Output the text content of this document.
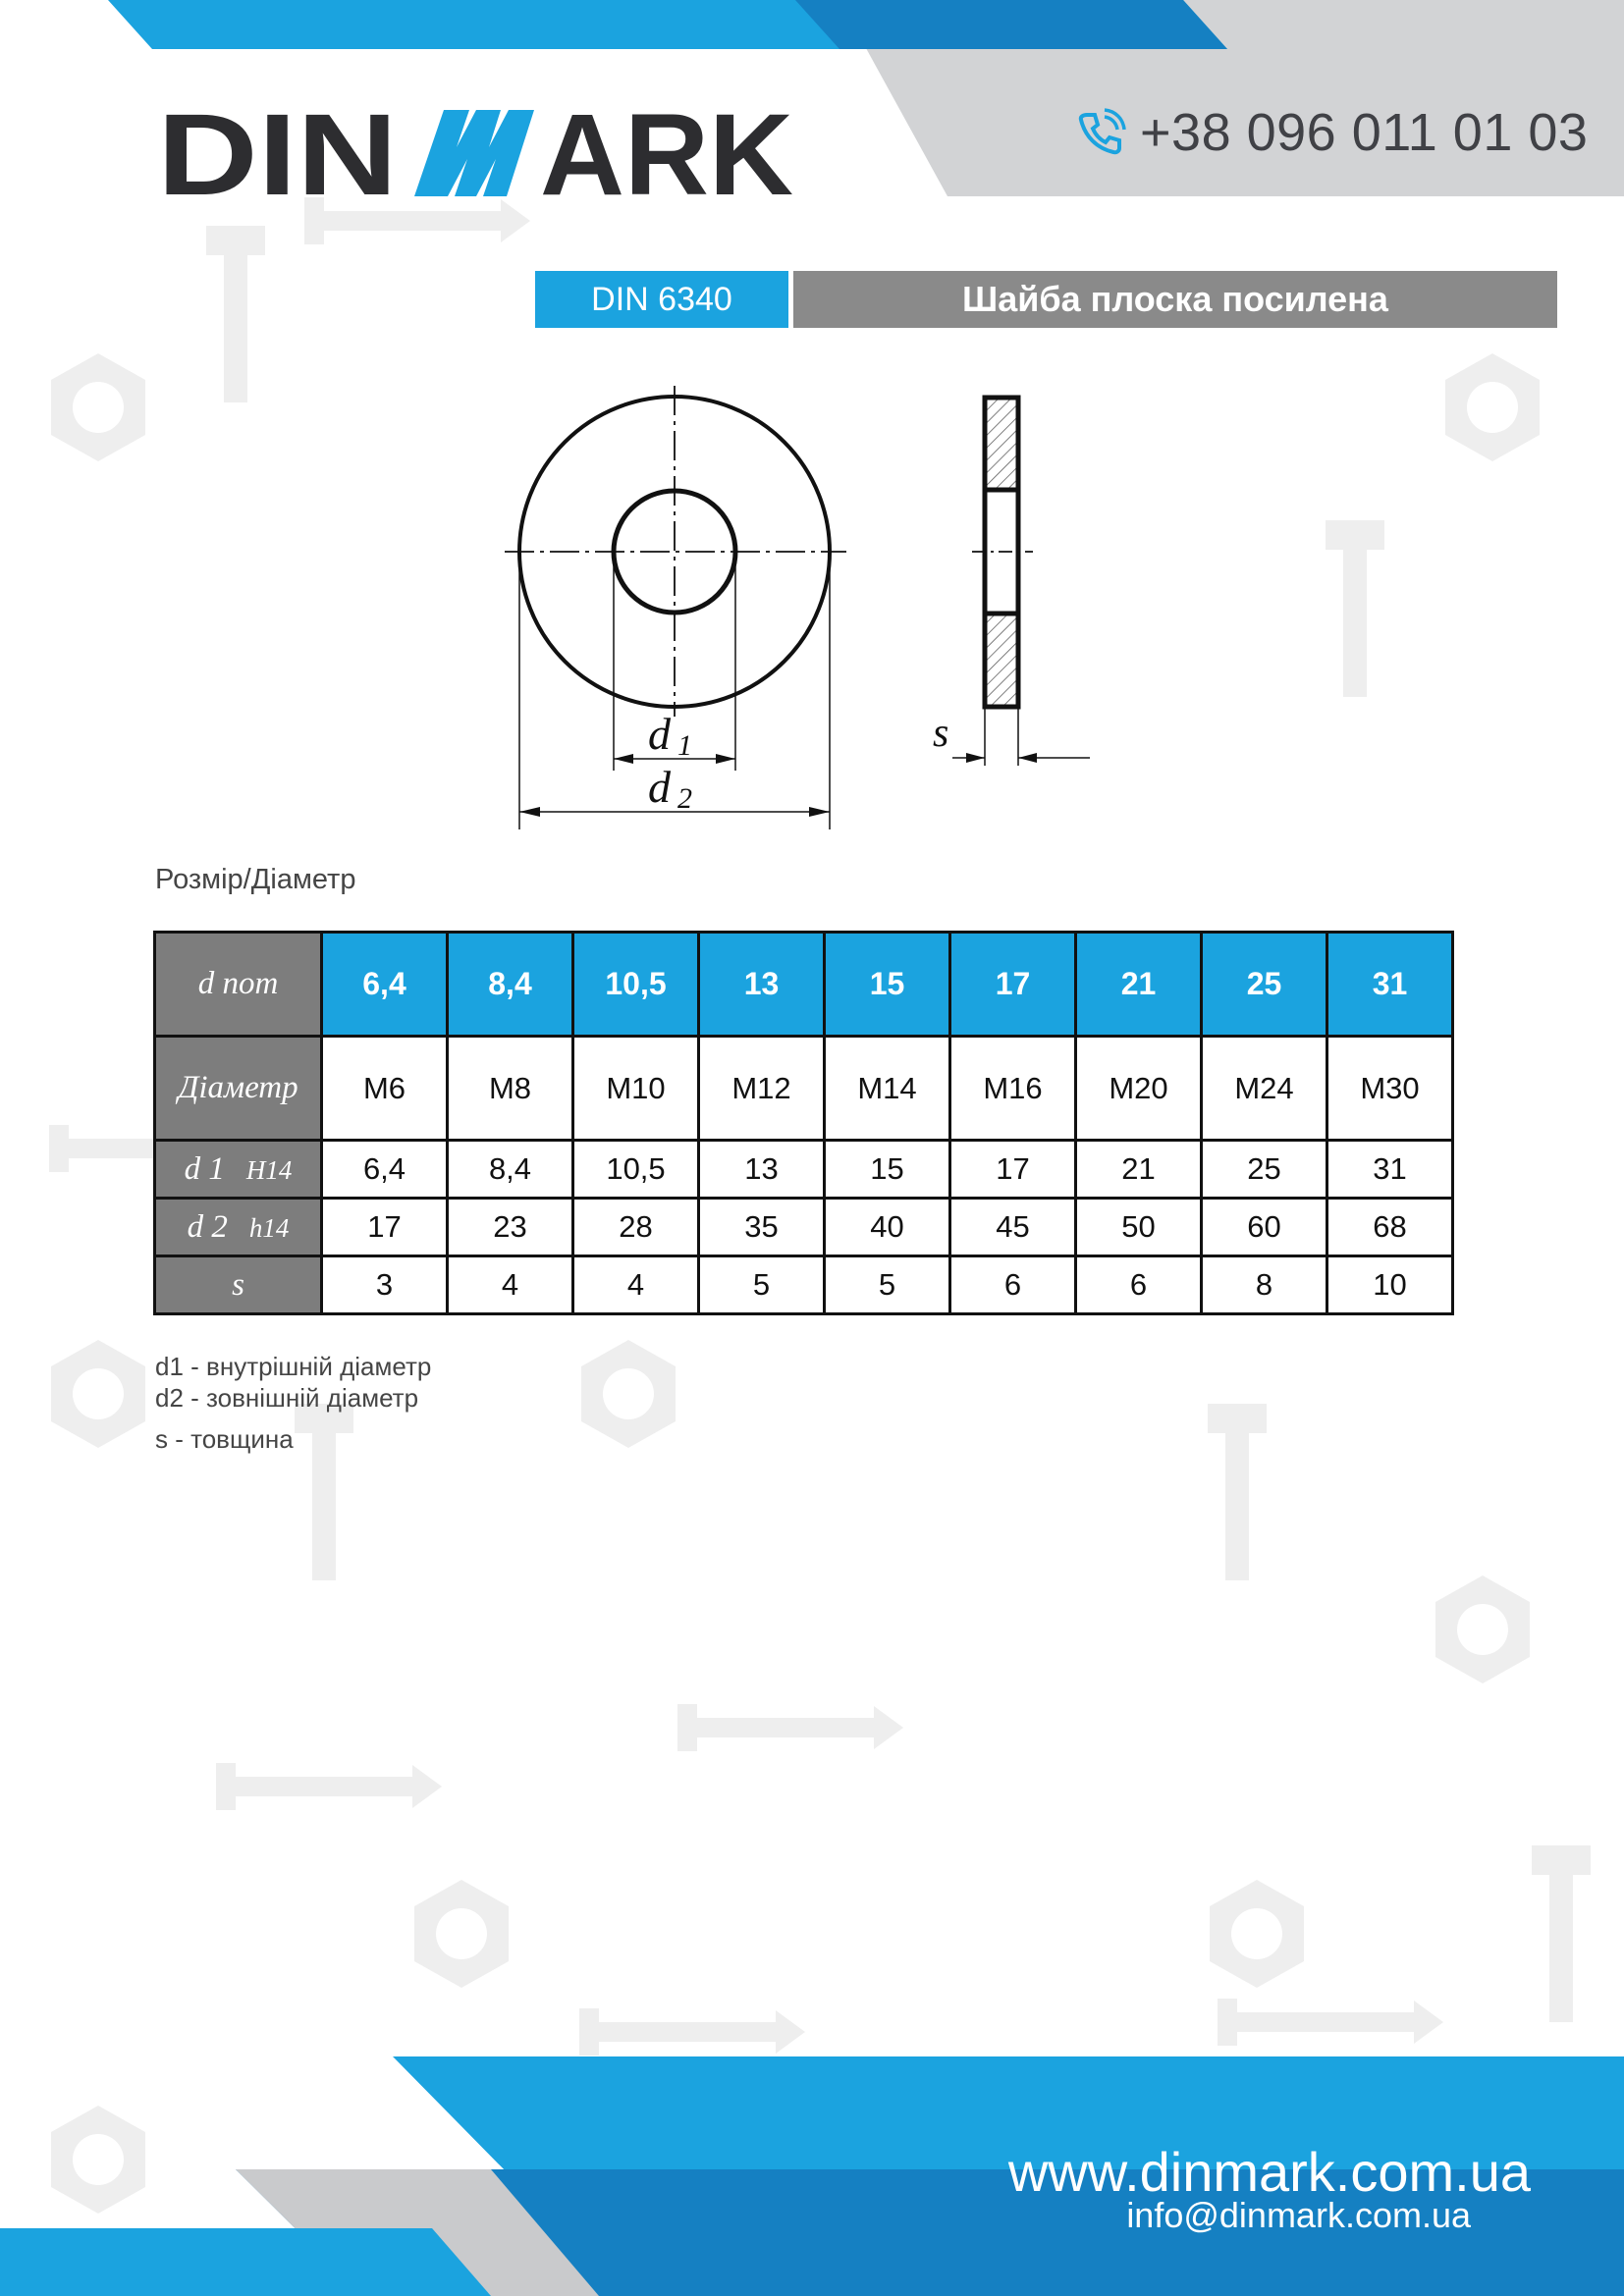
DIN ARK	+38 096 011 01 03
DIN 6340	Шайба плоска посилена
d 1
d 2
s
Розмір/Діаметр
d nom	6,4	8,4	10,5	13	15	17	21	25	31
Діаметр	M6	M8	M10	M12	M14	M16	M20	M24	M30
d 1 H14	6,4	8,4	10,5	13	15	17	21	25	31
d 2 h14	17	23	28	35	40	45	50	60	68
s	3	4	4	5	5	6	6	8	10
d1 - внутрішній діаметр
d2 - зовнішній діаметр
s - товщина
www.dinmark.com.ua
info@dinmark.com.ua
